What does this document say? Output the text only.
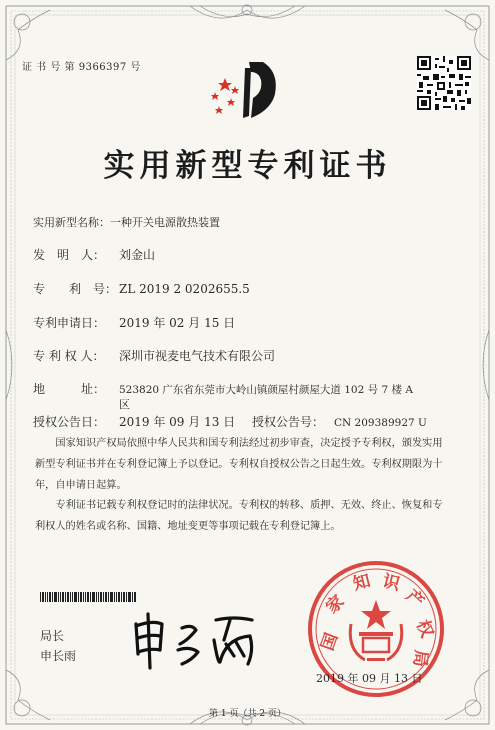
证 书 号 第 9366397 号
实用新型专利证书
实用新型名称：一种开关电源散热装置
发　明　人： 刘金山
专　　利　号： ZL 2019 2 0202655.5
专利申请日： 2019 年 02 月 15 日
专 利 权 人： 深圳市视麦电气技术有限公司
地　　　址： 523820 广东省东莞市大岭山镇颜屋村颜屋大道 102 号 7 楼 A
区
授权公告日： 2019 年 09 月 13 日 授权公告号： CN 209389927 U
国家知识产权局依照中华人民共和国专利法经过初步审查，决定授予专利权，颁发实用
新型专利证书并在专利登记簿上予以登记。专利权自授权公告之日起生效。专利权期限为十
年，自申请日起算。
专利证书记载专利权登记时的法律状况。专利权的转移、质押、无效、终止、恢复和专
利权人的姓名或名称、国籍、地址变更等事项记载在专利登记簿上。
局长
申长雨
国
家
知 识
产
权
局
2019 年 09 月 13 日
第 1 页（共 2 页）
